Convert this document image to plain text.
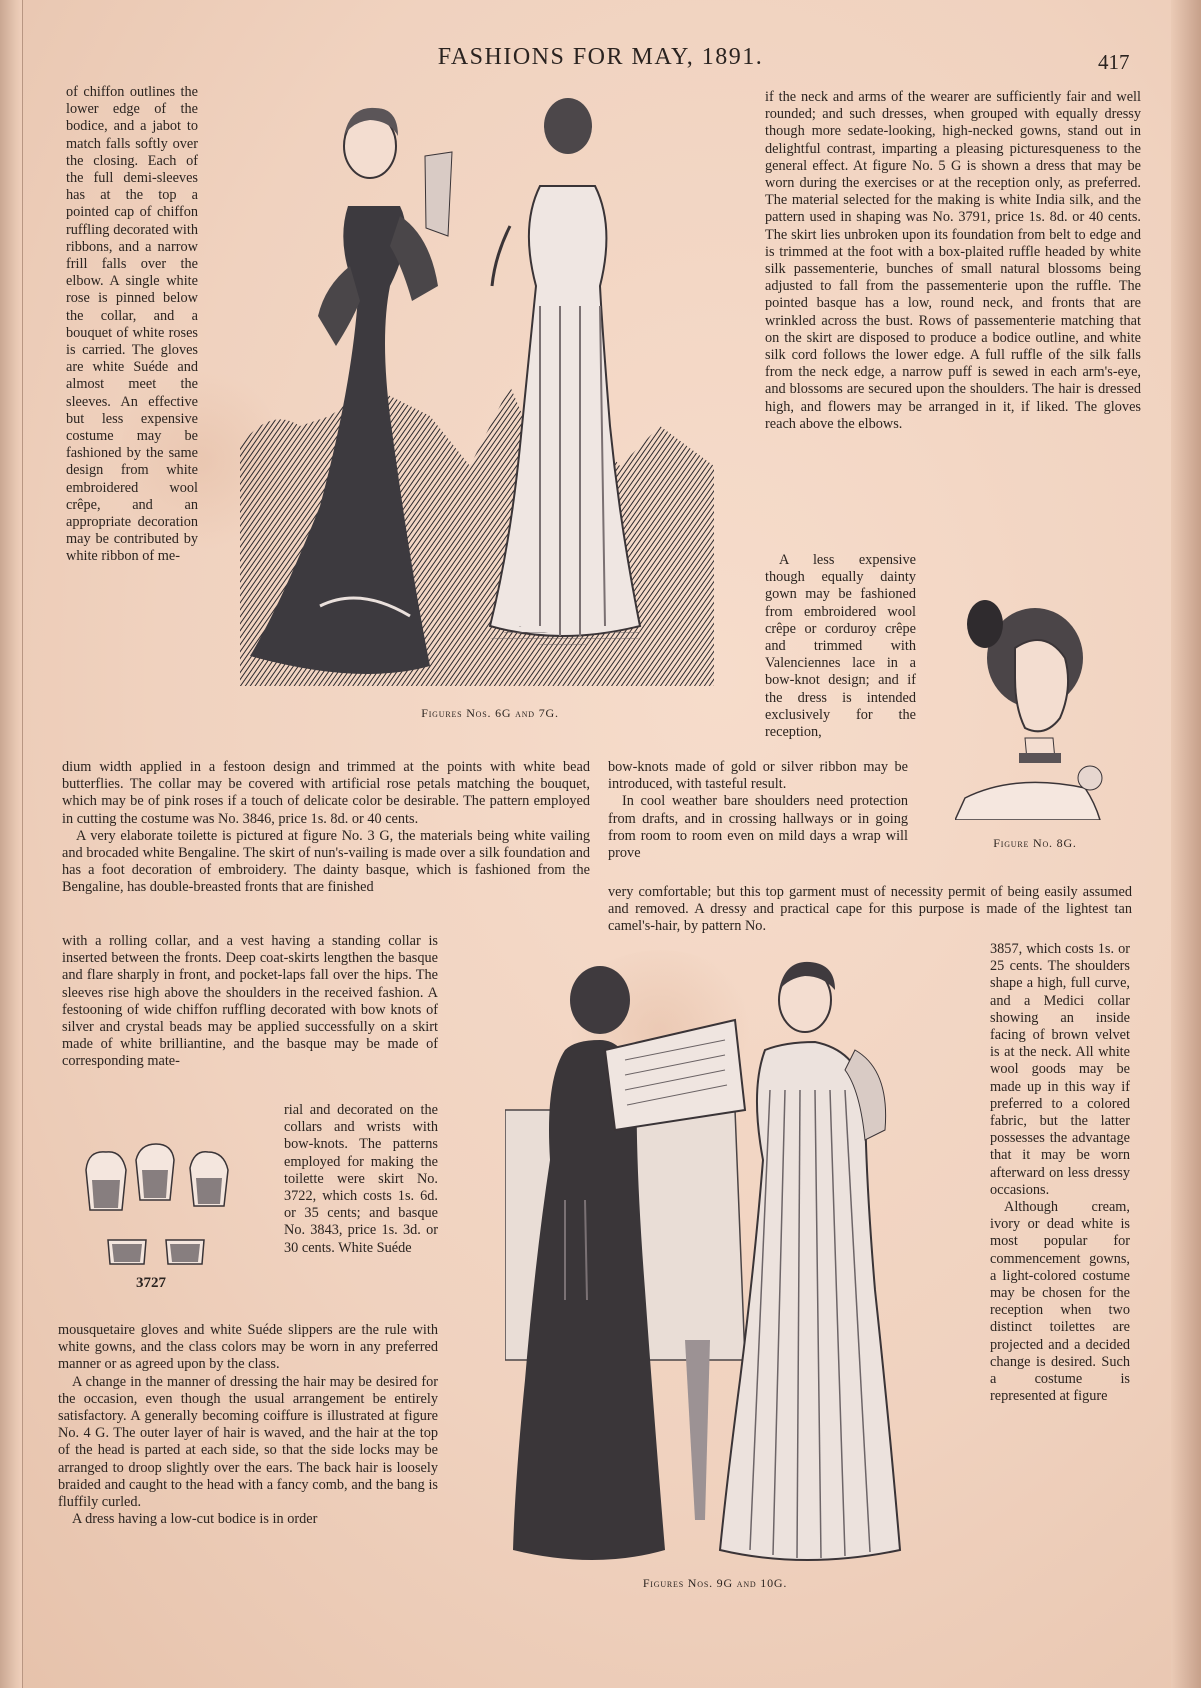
FASHIONS FOR MAY, 1891.	417

of chiffon outlines the lower edge of the bodice, and a jabot to match falls softly over the closing. Each of the full demi-sleeves has at the top a pointed cap of chiffon ruffling decorated with ribbons, and a narrow frill falls over the elbow. A single white rose is pinned below the collar, and a bouquet of white roses is carried. The gloves are white Suéde and almost meet the sleeves. An effective but less expensive costume may be fashioned by the same design from white embroidered wool crêpe, and an appropriate decoration may be contributed by white ribbon of me-

Figures Nos. 6G and 7G.

if the neck and arms of the wearer are sufficiently fair and well rounded; and such dresses, when grouped with equally dressy though more sedate-looking, high-necked gowns, stand out in delightful contrast, imparting a pleasing picturesqueness to the general effect. At figure No. 5 G is shown a dress that may be worn during the exercises or at the reception only, as preferred. The material selected for the making is white India silk, and the pattern used in shaping was No. 3791, price 1s. 8d. or 40 cents. The skirt lies unbroken upon its foundation from belt to edge and is trimmed at the foot with a box-plaited ruffle headed by white silk passementerie, bunches of small natural blossoms being adjusted to fall from the passementerie upon the ruffle. The pointed basque has a low, round neck, and fronts that are wrinkled across the bust. Rows of passementerie matching that on the skirt are disposed to produce a bodice outline, and white silk cord follows the lower edge. A full ruffle of the silk falls from the neck edge, a narrow puff is sewed in each arm's-eye, and blossoms are secured upon the shoulders. The hair is dressed high, and flowers may be arranged in it, if liked. The gloves reach above the elbows.

A less expensive though equally dainty gown may be fashioned from embroidered wool crêpe or corduroy crêpe and trimmed with Valenciennes lace in a bow-knot design; and if the dress is intended exclusively for the reception,

Figure No. 8G.

dium width applied in a festoon design and trimmed at the points with white bead butterflies. The collar may be covered with artificial rose petals matching the bouquet, which may be of pink roses if a touch of delicate color be desirable. The pattern employed in cutting the costume was No. 3846, price 1s. 8d. or 40 cents.

A very elaborate toilette is pictured at figure No. 3 G, the materials being white vailing and brocaded white Bengaline. The skirt of nun's-vailing is made over a silk foundation and has a foot decoration of embroidery. The dainty basque, which is fashioned from the Bengaline, has double-breasted fronts that are finished

bow-knots made of gold or silver ribbon may be introduced, with tasteful result.

In cool weather bare shoulders need protection from drafts, and in crossing hallways or in going from room to room even on mild days a wrap will prove

very comfortable; but this top garment must of necessity permit of being easily assumed and removed. A dressy and practical cape for this purpose is made of the lightest tan camel's-hair, by pattern No.

with a rolling collar, and a vest having a standing collar is inserted between the fronts. Deep coat-skirts lengthen the basque and flare sharply in front, and pocket-laps fall over the hips. The sleeves rise high above the shoulders in the received fashion. A festooning of wide chiffon ruffling decorated with bow knots of silver and crystal beads may be applied successfully on a skirt made of white brilliantine, and the basque may be made of corresponding mate-

3727

rial and decorated on the collars and wrists with bow-knots. The patterns employed for making the toilette were skirt No. 3722, which costs 1s. 6d. or 35 cents; and basque No. 3843, price 1s. 3d. or 30 cents. White Suéde

mousquetaire gloves and white Suéde slippers are the rule with white gowns, and the class colors may be worn in any preferred manner or as agreed upon by the class.

A change in the manner of dressing the hair may be desired for the occasion, even though the usual arrangement be entirely satisfactory. A generally becoming coiffure is illustrated at figure No. 4 G. The outer layer of hair is waved, and the hair at the top of the head is parted at each side, so that the side locks may be arranged to droop slightly over the ears. The back hair is loosely braided and caught to the head with a fancy comb, and the bang is fluffily curled.

A dress having a low-cut bodice is in order

Figures Nos. 9G and 10G.

3857, which costs 1s. or 25 cents. The shoulders shape a high, full curve, and a Medici collar showing an inside facing of brown velvet is at the neck. All white wool goods may be made up in this way if preferred to a colored fabric, but the latter possesses the advantage that it may be worn afterward on less dressy occasions.

Although cream, ivory or dead white is most popular for commencement gowns, a light-colored costume may be chosen for the reception when two distinct toilettes are projected and a decided change is desired. Such a costume is represented at figure
